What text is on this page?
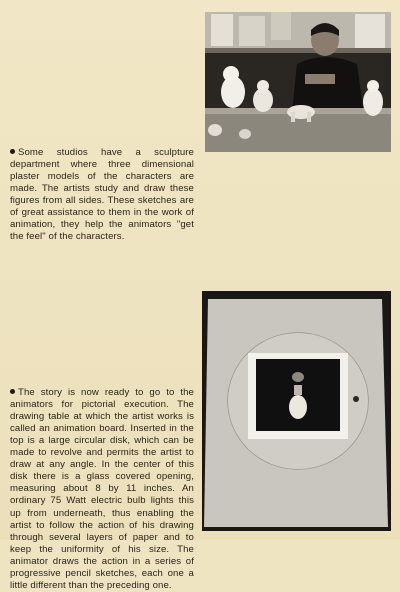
Some studios have a sculpture department where three dimensional plaster models of the characters are made. The artists study and draw these figures from all sides. These sketches are of great assistance to them in the work of animation, they help the animators "get the feel" of the characters.

The story is now ready to go to the animators for pictorial execution. The drawing table at which the artist works is called an animation board. Inserted in the top is a large circular disk, which can be made to revolve and permits the artist to draw at any angle. In the center of this disk there is a glass covered opening, measuring about 8 by 11 inches. An ordinary 75 Watt electric bulb lights this up from underneath, thus enabling the artist to follow the action of his drawing through several layers of paper and to keep the uniformity of his size. The animator draws the action in a series of progressive pencil sketches, each one a little different than the preceding one.
